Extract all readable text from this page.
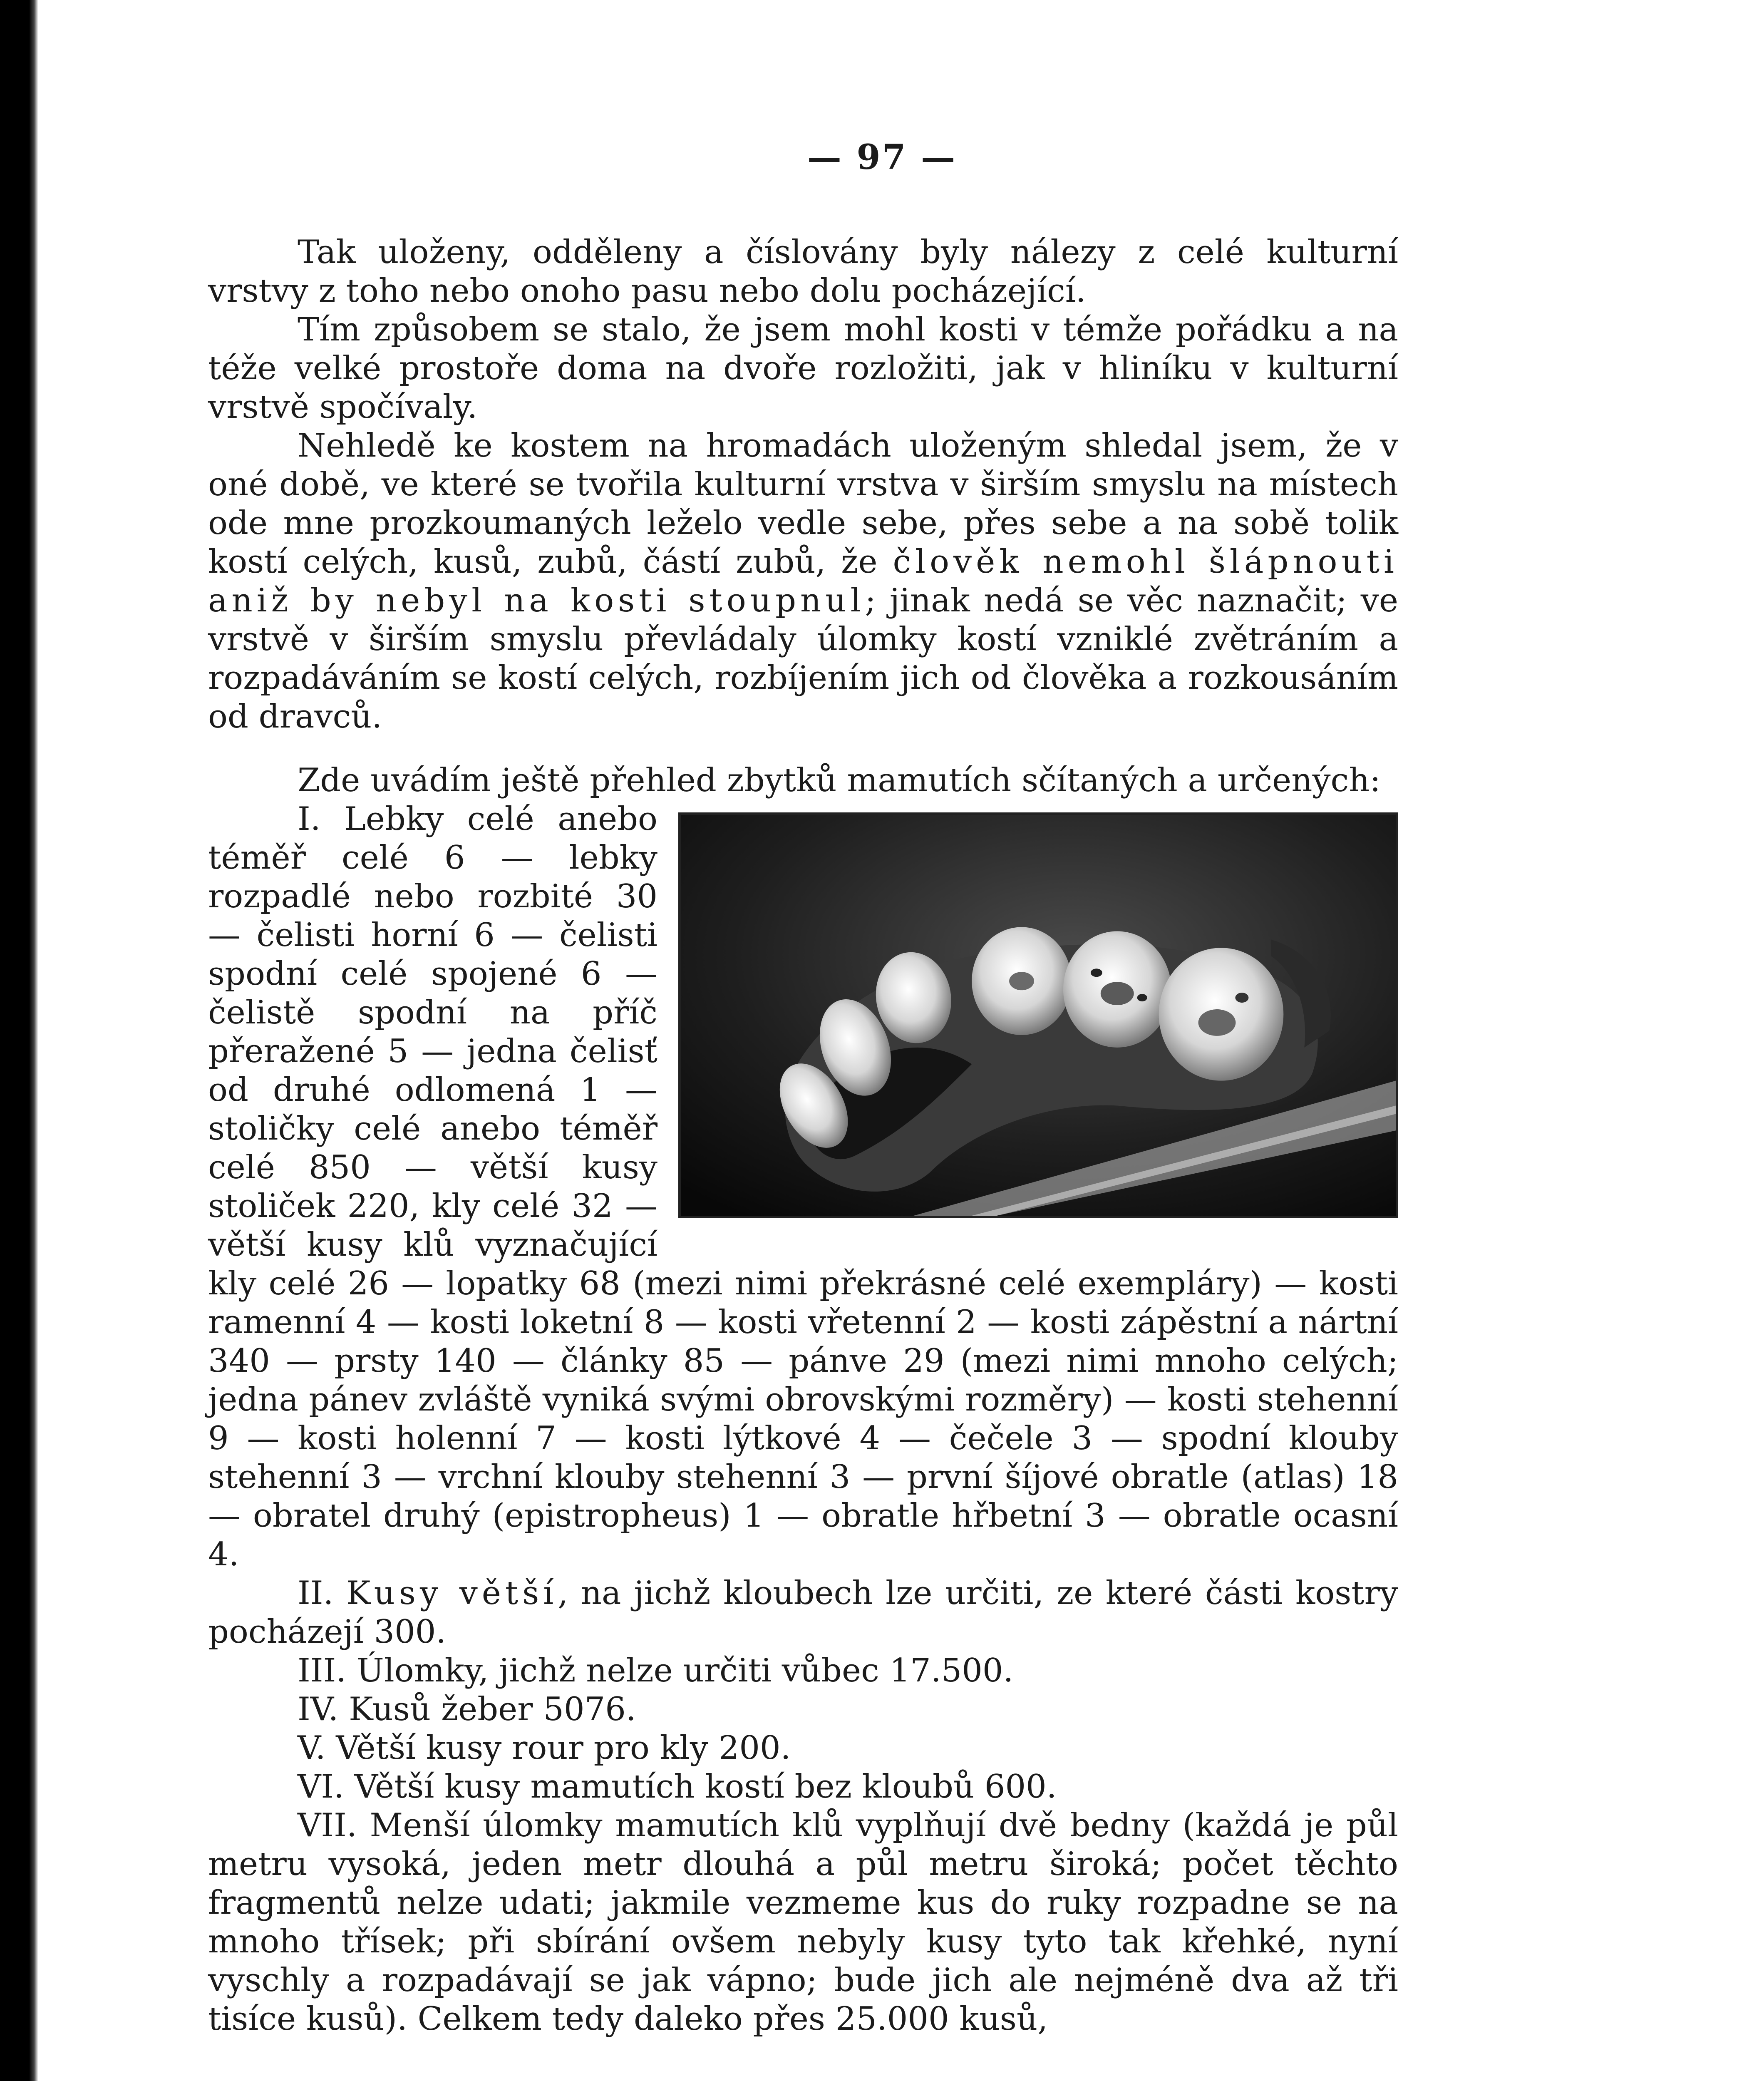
— 97 —

Tak uloženy, odděleny a číslovány byly nálezy z celé kulturní vrstvy z toho nebo onoho pasu nebo dolu pocházející.

Tím způsobem se stalo, že jsem mohl kosti v témže pořádku a na téže velké prostoře doma na dvoře rozložiti, jak v hliníku v kulturní vrstvě spočívaly.

Nehledě ke kostem na hromadách uloženým shledal jsem, že v oné době, ve které se tvořila kulturní vrstva v širším smyslu na místech ode mne prozkoumaných leželo vedle sebe, přes sebe a na sobě tolik kostí celých, kusů, zubů, částí zubů, že člověk nemohl šlápnouti aniž by nebyl na kosti stoupnul; jinak nedá se věc naznačit; ve vrstvě v širším smyslu převládaly úlomky kostí vzniklé zvětráním a rozpadáváním se kostí celých, rozbíjením jich od člověka a rozkousáním od dravců.

Zde uvádím ještě přehled zbytků mamutích sčítaných a určených:

I. Lebky celé anebo téměř celé 6 — lebky rozpadlé nebo rozbité 30 — čelisti horní 6 — čelisti spodní celé spojené 6 — čelistě spodní na příč přeražené 5 — jedna čelisť od druhé odlomená 1 — stoličky celé anebo téměř celé 850 — větší kusy stoliček 220, kly celé 32 — větší kusy klů vyznačující kly celé 26 — lopatky 68 (mezi nimi překrásné celé exempláry) — kosti ramenní 4 — kosti loketní 8 — kosti vřetenní 2 — kosti zápěstní a nártní 340 — prsty 140 — články 85 — pánve 29 (mezi nimi mnoho celých; jedna pánev zvláště vyniká svými obrovskými rozměry) — kosti stehenní 9 — kosti holenní 7 — kosti lýtkové 4 — čečele 3 — spodní klouby stehenní 3 — vrchní klouby stehenní 3 — první šíjové obratle (atlas) 18 — obratel druhý (epistropheus) 1 — obratle hřbetní 3 — obratle ocasní 4.

II. Kusy větší, na jichž kloubech lze určiti, ze které části kostry pocházejí 300.

III. Úlomky, jichž nelze určiti vůbec 17.500.

IV. Kusů žeber 5076.

V. Větší kusy rour pro kly 200.

VI. Větší kusy mamutích kostí bez kloubů 600.

VII. Menší úlomky mamutích klů vyplňují dvě bedny (každá je půl metru vysoká, jeden metr dlouhá a půl metru široká; počet těchto fragmentů nelze udati; jakmile vezmeme kus do ruky rozpadne se na mnoho třísek; při sbírání ovšem nebyly kusy tyto tak křehké, nyní vyschly a rozpadávají se jak vápno; bude jich ale nejméně dva až tři tisíce kusů). Celkem tedy daleko přes 25.000 kusů,
